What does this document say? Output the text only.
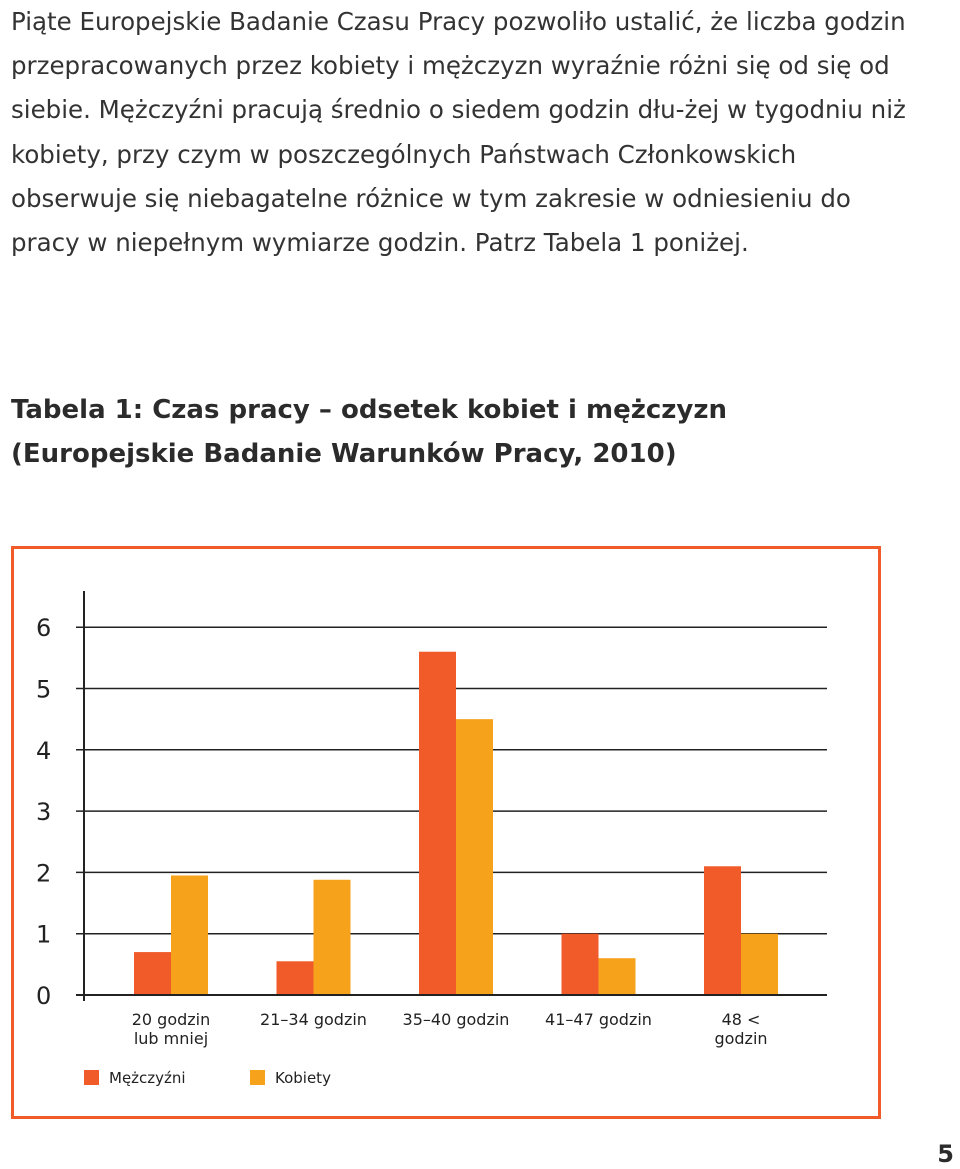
Piąte Europejskie Badanie Czasu Pracy pozwoliło ustalić, że liczba godzin przepracowanych przez kobiety i mężczyzn wyraźnie różni się od się od siebie. Mężczyźni pracują średnio o siedem godzin dłu-żej w tygodniu niż kobiety, przy czym w poszczególnych Państwach Członkowskich obserwuje się niebagatelne różnice w tym zakresie w odniesieniu do pracy w niepełnym wymiarze godzin. Patrz Tabela 1 poniżej.

Tabela 1: Czas pracy – odsetek kobiet i mężczyzn
(Europejskie Badanie Warunków Pracy, 2010)
0
1
2
3
4
5
6
20 godzin
lub mniej
21–34 godzin 35–40 godzin 41–47 godzin	48 <
godzin
Mężczyźni	Kobiety
5
